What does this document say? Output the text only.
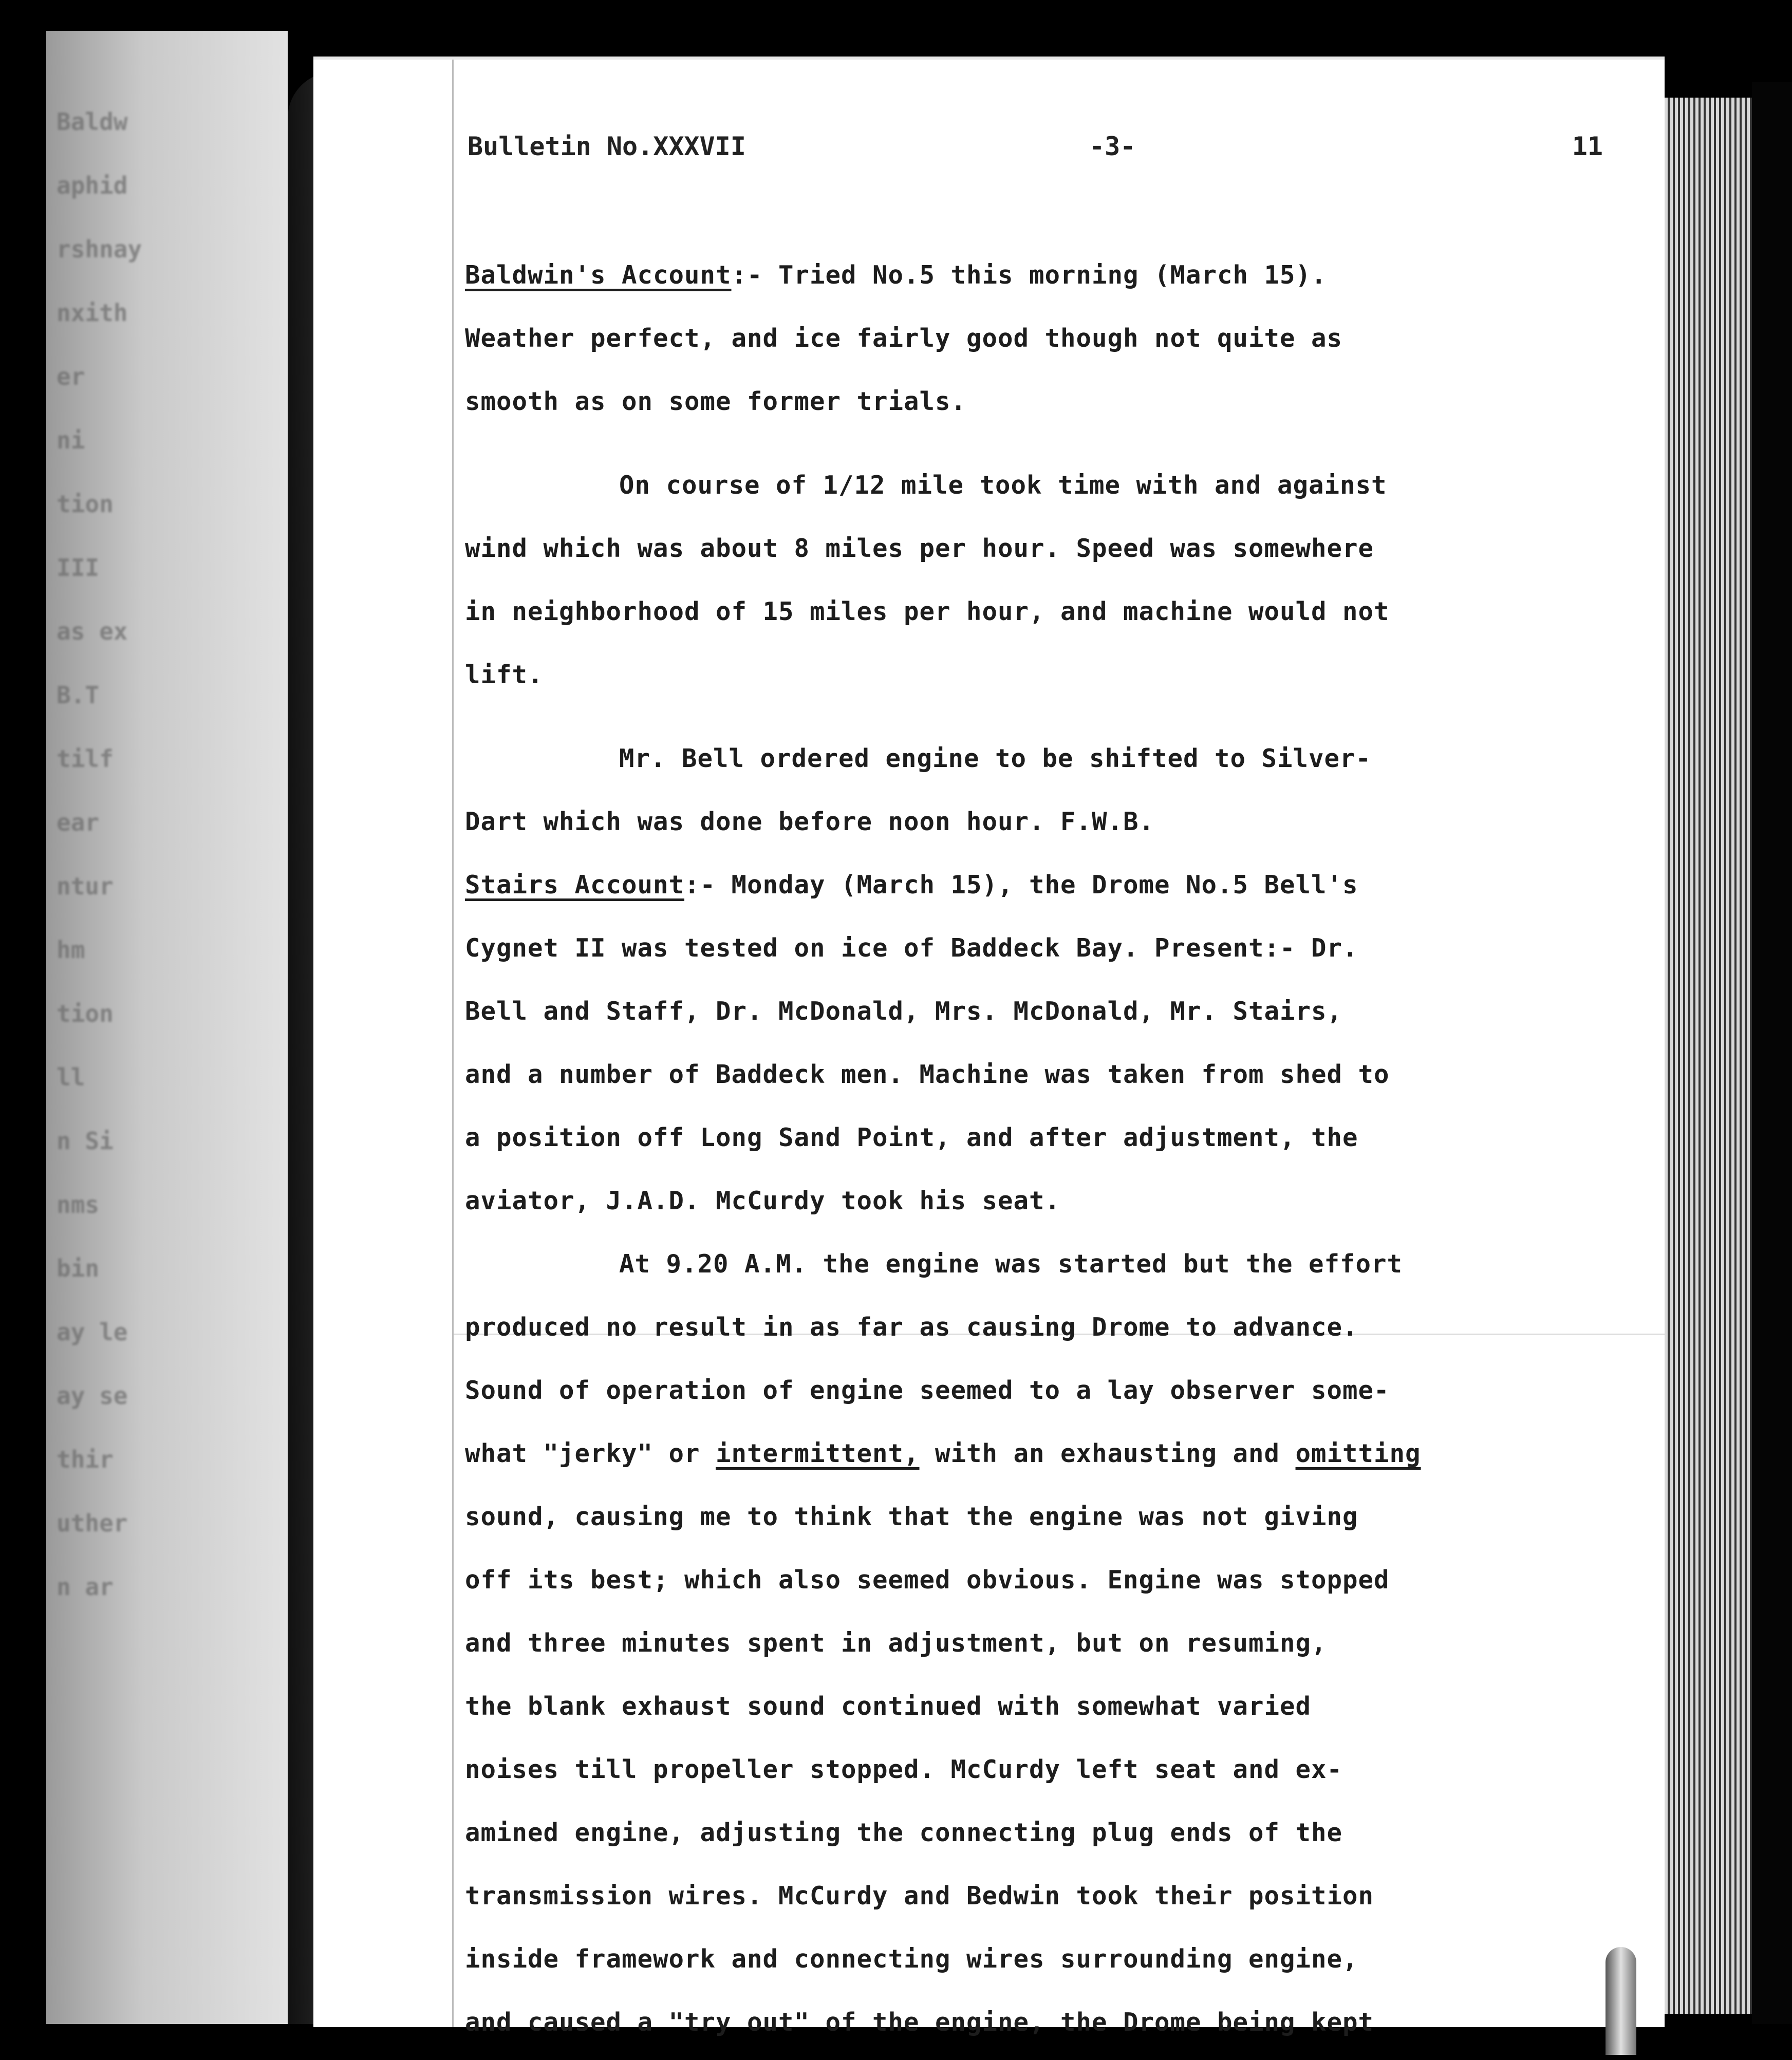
Baldw
aphid
rshnay
nxith
er
ni
tion
III
as ex
B.T
tilf
ear
ntur
hm
tion
ll
n Si
nms
bin
ay le
ay se
thir
uther
n ar
Bulletin No.XXXVII	-3-	11
Baldwin's Account:- Tried No.5 this morning (March 15).
Weather perfect, and ice fairly good though not quite as
smooth as on some former trials.
On course of 1/12 mile took time with and against
wind which was about 8 miles per hour. Speed was somewhere
in neighborhood of 15 miles per hour, and machine would not
lift.
Mr. Bell ordered engine to be shifted to Silver-
Dart which was done before noon hour. F.W.B.
Stairs Account:- Monday (March 15), the Drome No.5 Bell's
Cygnet II was tested on ice of Baddeck Bay. Present:- Dr.
Bell and Staff, Dr. McDonald, Mrs. McDonald, Mr. Stairs,
and a number of Baddeck men. Machine was taken from shed to
a position off Long Sand Point, and after adjustment, the
aviator, J.A.D. McCurdy took his seat.
At 9.20 A.M. the engine was started but the effort
produced no result in as far as causing Drome to advance.
Sound of operation of engine seemed to a lay observer some-
what "jerky" or intermittent, with an exhausting and omitting
sound, causing me to think that the engine was not giving
off its best; which also seemed obvious. Engine was stopped
and three minutes spent in adjustment, but on resuming,
the blank exhaust sound continued with somewhat varied
noises till propeller stopped. McCurdy left seat and ex-
amined engine, adjusting the connecting plug ends of the
transmission wires. McCurdy and Bedwin took their position
inside framework and connecting wires surrounding engine,
and caused a "try out" of the engine, the Drome being kept
